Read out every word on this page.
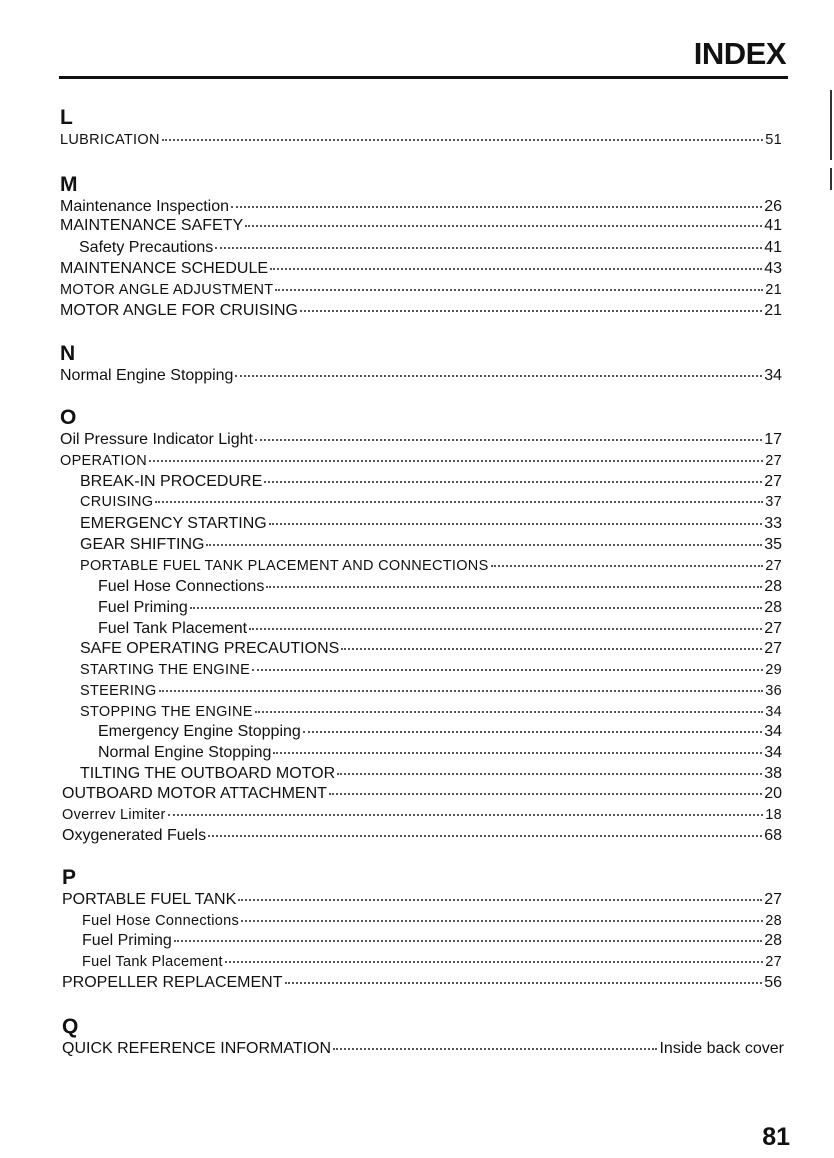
INDEX
L
LUBRICATION	51
M
Maintenance Inspection	26
MAINTENANCE SAFETY	41
Safety Precautions	41
MAINTENANCE SCHEDULE	43
MOTOR ANGLE ADJUSTMENT	21
MOTOR ANGLE FOR CRUISING	21
N
Normal Engine Stopping	34
O
Oil Pressure Indicator Light	17
OPERATION	27
BREAK-IN PROCEDURE	27
CRUISING	37
EMERGENCY STARTING	33
GEAR SHIFTING	35
PORTABLE FUEL TANK PLACEMENT AND CONNECTIONS	27
Fuel Hose Connections	28
Fuel Priming	28
Fuel Tank Placement	27
SAFE OPERATING PRECAUTIONS	27
STARTING THE ENGINE	29
STEERING	36
STOPPING THE ENGINE	34
Emergency Engine Stopping	34
Normal Engine Stopping	34
TILTING THE OUTBOARD MOTOR	38
OUTBOARD MOTOR ATTACHMENT	20
Overrev Limiter	18
Oxygenerated Fuels	68
P
PORTABLE FUEL TANK	27
Fuel Hose Connections	28
Fuel Priming	28
Fuel Tank Placement	27
PROPELLER REPLACEMENT	56
Q
QUICK REFERENCE INFORMATION	Inside back cover
81
